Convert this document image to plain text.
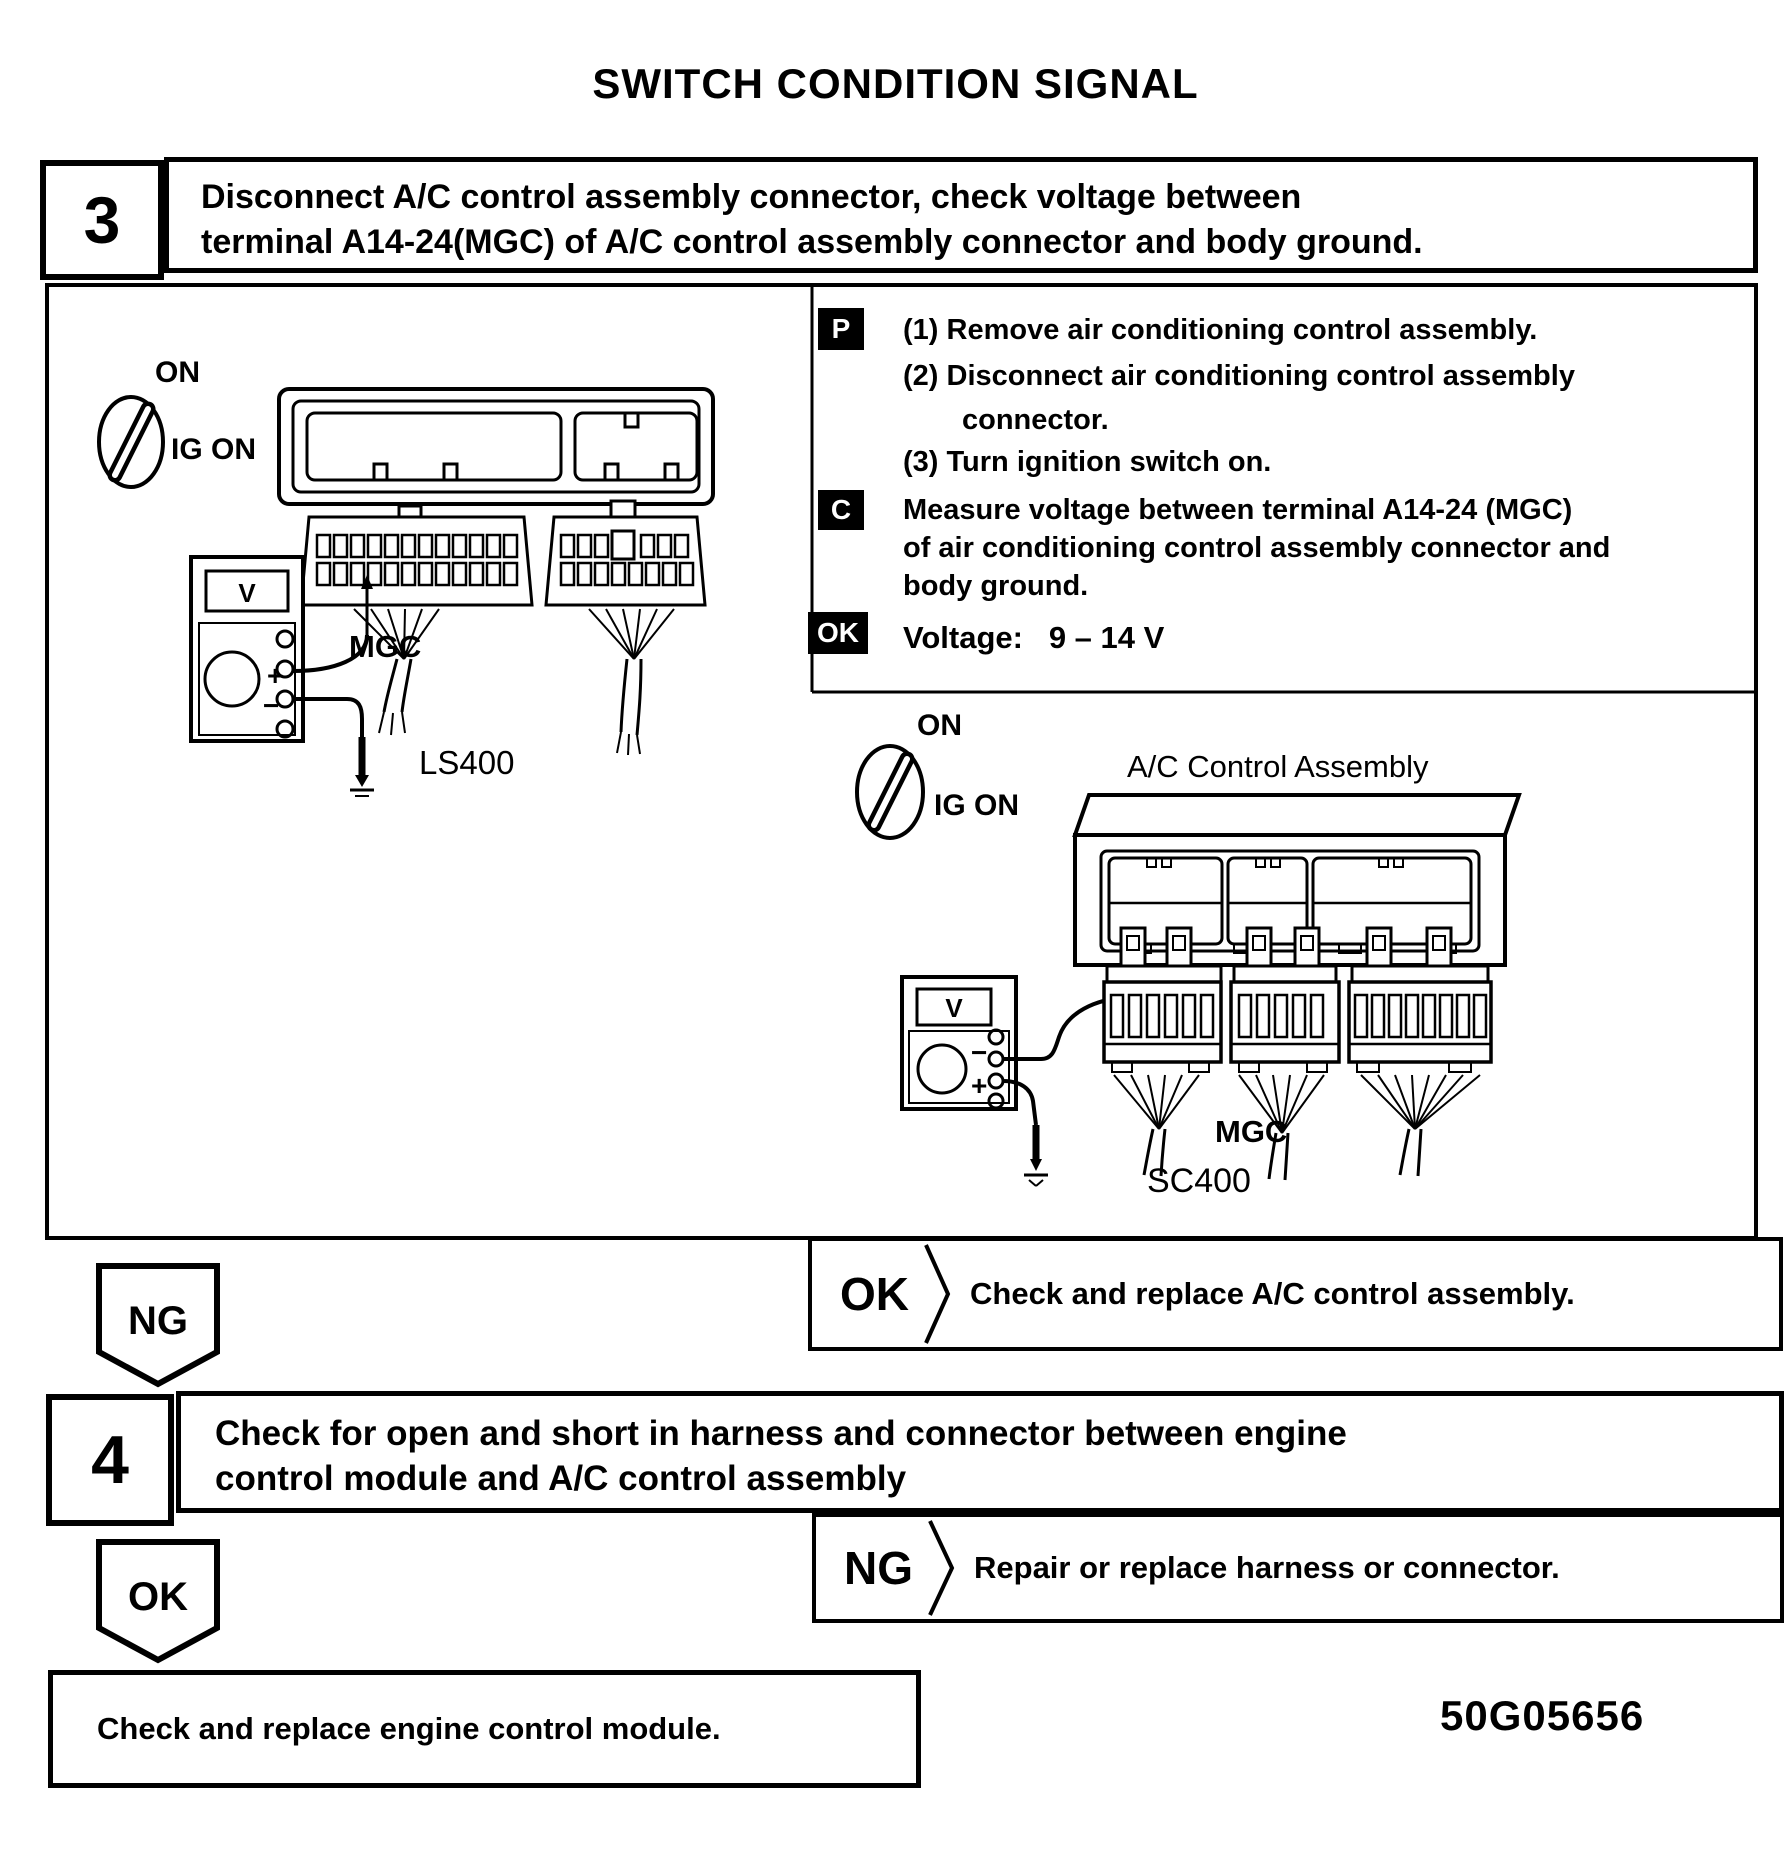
SWITCH CONDITION SIGNAL
3 Disconnect A/C control assembly connector, check voltage between
terminal A14-24(MGC) of A/C control assembly connector and body ground.
ON
IG ON
V
+
−
MGC
LS400
ON
IG ON
A/C Control Assembly
V
−
+
MGC
SC400
P	(1) Remove air conditioning control assembly.
(2) Disconnect air conditioning control assembly
connector.
(3) Turn ignition switch on.
C	Measure voltage between terminal A14-24 (MGC)
of air conditioning control assembly connector and
body ground.
OK Voltage:   9 – 14 V
NG
OK Check and replace A/C control assembly.
4 Check for open and short in harness and connector between engine
control module and A/C control assembly
OK
NG Repair or replace harness or connector.
Check and replace engine control module.	50G05656
